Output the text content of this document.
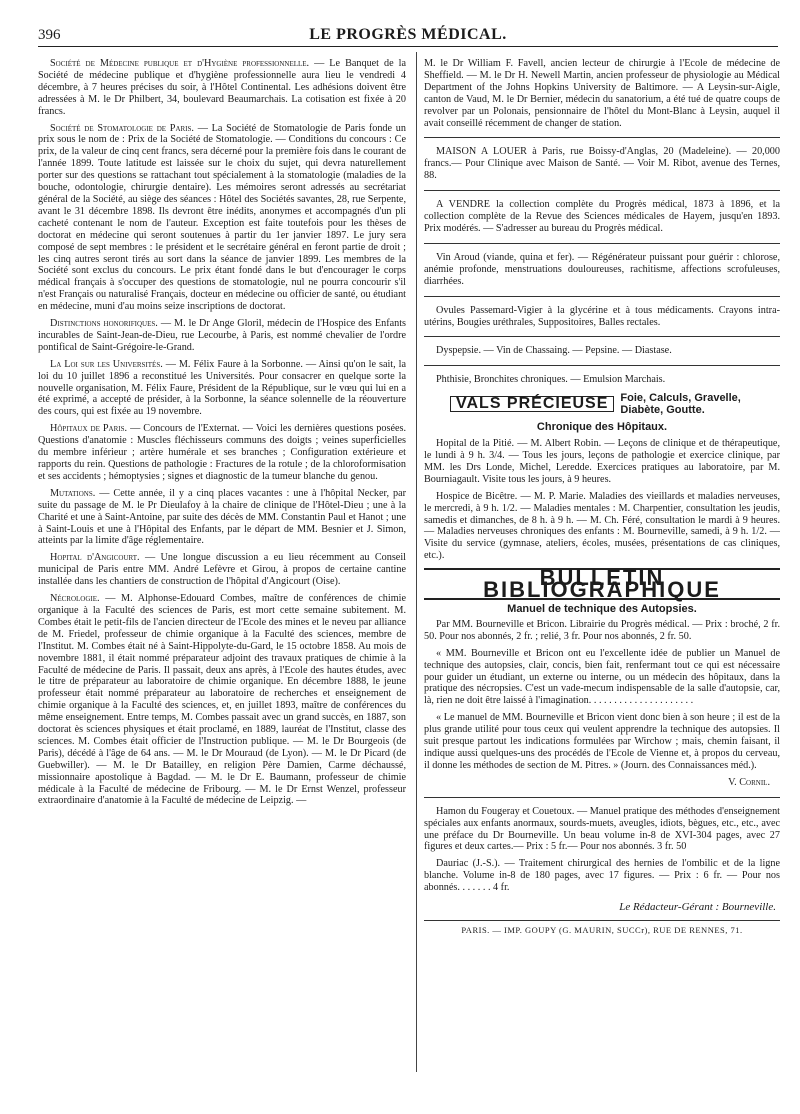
396	LE PROGRÈS MÉDICAL.

Société de Médecine publique et d'Hygiène professionnelle. — Le Banquet de la Société de médecine publique et d'hygiène professionnelle aura lieu le vendredi 4 décembre, à 7 heures précises du soir, à l'Hôtel Continental. Les adhésions doivent être adressées à M. le Dr Philbert, 34, boulevard Beaumarchais. La cotisation est fixée à 20 francs.

Société de Stomatologie de Paris. — La Société de Stomatologie de Paris fonde un prix sous le nom de : Prix de la Société de Stomatologie. — Conditions du concours : Ce prix, de la valeur de cinq cent francs, sera décerné pour la première fois dans le courant de l'année 1899. Toute latitude est laissée sur le choix du sujet, qui devra naturellement porter sur des questions se rattachant tout spécialement à la stomatologie (maladies de la bouche, odontologie, chirurgie dentaire). Les mémoires seront adressés au secrétariat général de la Société, au siège des séances : Hôtel des Sociétés savantes, 28, rue Serpente, avant le 31 décembre 1898. Ils devront être inédits, anonymes et accompagnés d'un pli cacheté contenant le nom de l'auteur. Exception est faite toutefois pour les thèses de doctorat en médecine qui seront soutenues à partir du 1er janvier 1897. Le jury sera composé de sept membres : le président et le secrétaire général en feront partie de droit ; les cinq autres seront tirés au sort dans la séance de janvier 1899. Les membres de la Société sont exclus du concours. Le prix étant fondé dans le but d'encourager le corps médical français à s'occuper des questions de stomatologie, nul ne pourra concourir s'il n'est Français ou naturalisé Français, docteur en médecine ou officier de santé, ou étudiant en médecine, muni d'au moins seize inscriptions de doctorat.

Distinctions honorifiques. — M. le Dr Ange Gloril, médecin de l'Hospice des Enfants incurables de Saint-Jean-de-Dieu, rue Lecourbe, à Paris, est nommé chevalier de l'ordre pontifical de Saint-Grégoire-le-Grand.

La Loi sur les Universités. — M. Félix Faure à la Sorbonne. — Ainsi qu'on le sait, la loi du 10 juillet 1896 a reconstitué les Universités. Pour consacrer en quelque sorte la nouvelle organisation, M. Félix Faure, Président de la République, sur le vœu qui lui en a été exprimé, a accepté de présider, à la Sorbonne, la séance solennelle de la réouverture des cours, qui est fixée au 19 novembre.

Hôpitaux de Paris. — Concours de l'Externat. — Voici les dernières questions posées. Questions d'anatomie : Muscles fléchisseurs communs des doigts ; veines superficielles du membre inférieur ; artère humérale et ses branches ; Configuration extérieure et rapports du rein. Questions de pathologie : Fractures de la rotule ; de la chloroformisation et ses accidents ; hémoptysies ; signes et diagnostic de la tumeur blanche du genou.

Mutations. — Cette année, il y a cinq places vacantes : une à l'hôpital Necker, par suite du passage de M. le Pr Dieulafoy à la chaire de clinique de l'Hôtel-Dieu ; une à la Charité et une à Saint-Antoine, par suite des décès de MM. Constantin Paul et Hanot ; une à Saint-Louis et une à l'Hôpital des Enfants, par le départ de MM. Besnier et J. Simon, atteints par la limite d'âge réglementaire.

Hopital d'Angicourt. — Une longue discussion a eu lieu récemment au Conseil municipal de Paris entre MM. André Lefèvre et Girou, à propos de certaine cantine installée dans les chantiers de construction de l'hôpital d'Angicourt (Oise).

Nécrologie. — M. Alphonse-Edouard Combes, maître de conférences de chimie organique à la Faculté des sciences de Paris, est mort cette semaine subitement. M. Combes était le petit-fils de l'ancien directeur de l'Ecole des mines et le neveu par alliance de M. Friedel, professeur de chimie organique à la Faculté des sciences, membre de l'Institut. M. Combes était né à Saint-Hippolyte-du-Gard, le 15 octobre 1858. Au mois de novembre 1881, il était nommé préparateur adjoint des travaux pratiques de chimie à la Faculté de médecine de Paris. Il passait, deux ans après, à l'Ecole des hautes études, avec le titre de préparateur au laboratoire de chimie organique. En décembre 1888, le jeune professeur était nommé préparateur au laboratoire de recherches et enseignement de chimie organique à la Faculté des sciences, et, en juillet 1893, maître de conférences du même enseignement. Entre temps, M. Combes passait avec un grand succès, en 1887, son doctorat ès sciences physiques et était proclamé, en 1889, lauréat de l'Institut, classe des sciences. M. Combes était officier de l'Instruction publique. — M. le Dr Bourgeois (de Paris), décédé à l'âge de 64 ans. — M. le Dr Mouraud (de Lyon). — M. le Dr Picard (de Guebwiller). — M. le Dr Batailley, en religion Père Damien, Carme déchaussé, missionnaire apostolique à Bagdad. — M. le Dr E. Baumann, professeur de chimie médicale à la Faculté de médecine de Fribourg. — M. le Dr Ernst Wenzel, professeur extraordinaire d'anatomie à la Faculté de médecine de Leipzig. —

M. le Dr William F. Favell, ancien lecteur de chirurgie à l'Ecole de médecine de Sheffield. — M. le Dr H. Newell Martin, ancien professeur de physiologie au Médical Department of the Johns Hopkins University de Baltimore. — A Leysin-sur-Aigle, canton de Vaud, M. le Dr Bernier, médecin du sanatorium, a été tué de quatre coups de revolver par un Polonais, pensionnaire de l'hôtel du Mont-Blanc à Leysin, auquel il avait conseillé récemment de changer de station.

MAISON A LOUER à Paris, rue Boissy-d'Anglas, 20 (Madeleine). — 20,000 francs.— Pour Clinique avec Maison de Santé. — Voir M. Ribot, avenue des Ternes, 88.

A VENDRE la collection complète du Progrès médical, 1873 à 1896, et la collection complète de la Revue des Sciences médicales de Hayem, jusqu'en 1893. Prix modérés. — S'adresser au bureau du Progrès médical.

Vin Aroud (viande, quina et fer). — Régénérateur puissant pour guérir : chlorose, anémie profonde, menstruations douloureuses, rachitisme, affections scrofuleuses, diarrhées.

Ovules Passemard-Vigier à la glycérine et à tous médicaments. Crayons intra-utérins, Bougies uréthrales, Suppositoires, Balles rectales.

Dyspepsie. — Vin de Chassaing. — Pepsine. — Diastase.

Phthisie, Bronchites chroniques. — Emulsion Marchais.

VALS PRÉCIEUSE	Foie, Calculs, Gravelle,
Diabète, Goutte.
Chronique des Hôpitaux.

Hopital de la Pitié. — M. Albert Robin. — Leçons de clinique et de thérapeutique, le lundi à 9 h. 3/4. — Tous les jours, leçons de pathologie et exercice clinique, par MM. les Drs Londe, Michel, Leredde. Exercices pratiques au laboratoire, par M. Bourniagault. Visite tous les jours, à 9 heures.

Hospice de Bicêtre. — M. P. Marie. Maladies des vieillards et maladies nerveuses, le mercredi, à 9 h. 1/2. — Maladies mentales : M. Charpentier, consultation les jeudis, samedis et dimanches, de 8 h. à 9 h. — M. Ch. Féré, consultation le mardi à 9 heures. — Maladies nerveuses chroniques des enfants : M. Bourneville, samedi, à 9 h. 1/2. — Visite du service (gymnase, ateliers, écoles, musées, présentations de cas cliniques, etc.).

BULLETIN BIBLIOGRAPHIQUE
Manuel de technique des Autopsies.

Par MM. Bourneville et Bricon. Librairie du Progrès médical. — Prix : broché, 2 fr. 50. Pour nos abonnés, 2 fr. ; relié, 3 fr. Pour nos abonnés, 2 fr. 50.

« MM. Bourneville et Bricon ont eu l'excellente idée de publier un Manuel de technique des autopsies, clair, concis, bien fait, renfermant tout ce qui est nécessaire pour guider un étudiant, un externe ou interne, ou un médecin des hôpitaux, dans la pratique des nécropsies. C'est un vade-mecum indispensable de la salle d'autopsie, car, là, rien ne doit être laissé à l'imagination. . . . . . . . . . . . . . . . . . . . .

« Le manuel de MM. Bourneville et Bricon vient donc bien à son heure ; il est de la plus grande utilité pour tous ceux qui veulent apprendre la technique des autopsies. Il suit presque partout les indications formulées par Wirchow ; mais, chemin faisant, il indique aussi quelques-uns des procédés de l'Ecole de Vienne et, à propos du cerveau, il donne les méthodes de section de M. Pitres. » (Journ. des Connaissances méd.).

V. Cornil.

Hamon du Fougeray et Couetoux. — Manuel pratique des méthodes d'enseignement spéciales aux enfants anormaux, sourds-muets, aveugles, idiots, bègues, etc., etc., avec une préface du Dr Bourneville. Un beau volume in-8 de XVI-304 pages, avec 27 figures et deux cartes.— Prix : 5 fr.— Pour nos abonnés. 3 fr. 50

Dauriac (J.-S.). — Traitement chirurgical des hernies de l'ombilic et de la ligne blanche. Volume in-8 de 180 pages, avec 17 figures. — Prix : 6 fr. — Pour nos abonnés. . . . . . . 4 fr.

Le Rédacteur-Gérant : Bourneville.
PARIS. — IMP. GOUPY (G. MAURIN, SUCCr), RUE DE RENNES, 71.
